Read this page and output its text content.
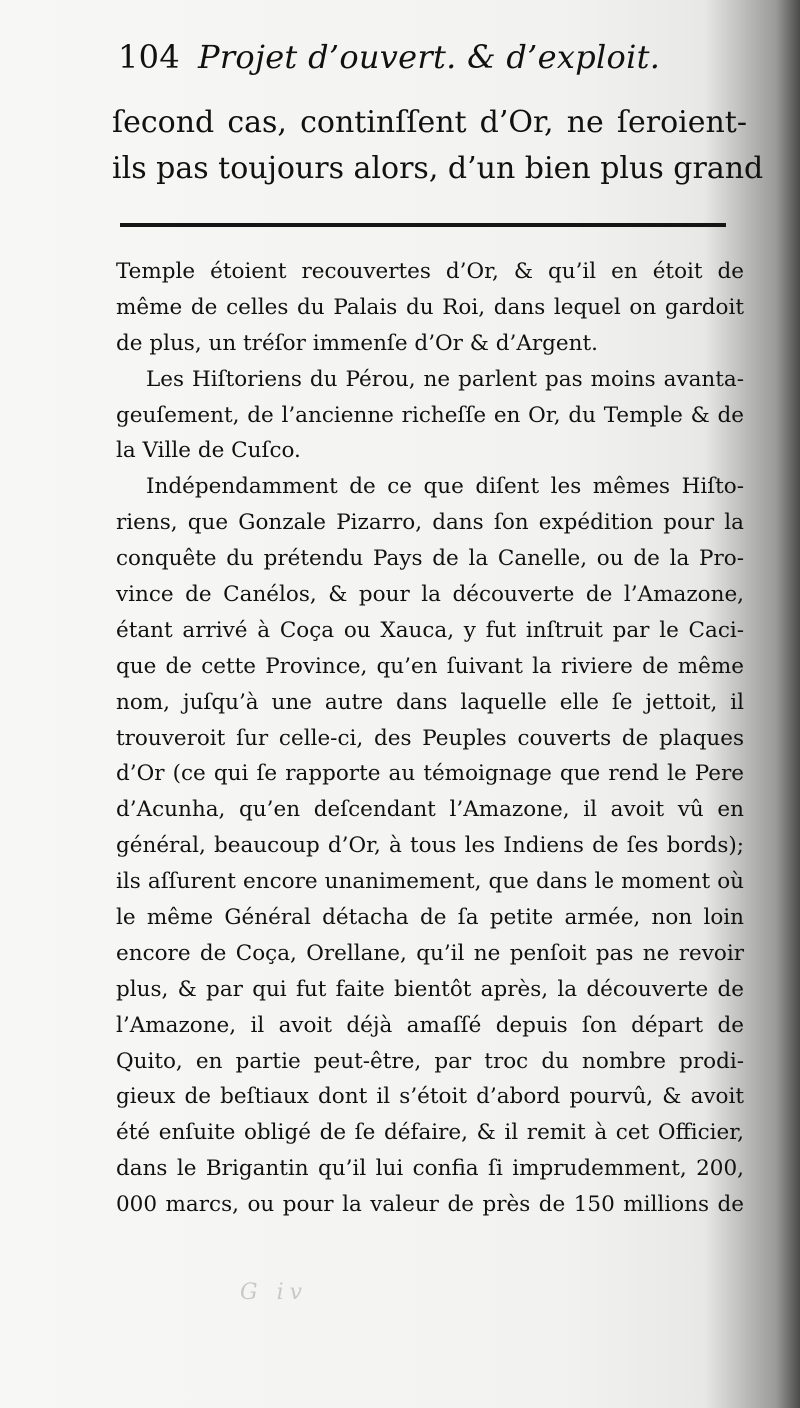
104 Projet d’ouvert. & d’exploit.
ſecond cas, continſſent d’Or, ne ſeroient-
ils pas toujours alors, d’un bien plus grand
Temple étoient recouvertes d’Or, & qu’il en étoit de
même de celles du Palais du Roi, dans lequel on gardoit
de plus, un tréſor immenſe d’Or & d’Argent.
Les Hiſtoriens du Pérou, ne parlent pas moins avanta-
geuſement, de l’ancienne richeſſe en Or, du Temple & de
la Ville de Cuſco.
Indépendamment de ce que diſent les mêmes Hiſto-
riens, que Gonzale Pizarro, dans ſon expédition pour la
conquête du prétendu Pays de la Canelle, ou de la Pro-
vince de Canélos, & pour la découverte de l’Amazone,
étant arrivé à Coça ou Xauca, y fut inſtruit par le Caci-
que de cette Province, qu’en ſuivant la riviere de même
nom, juſqu’à une autre dans laquelle elle ſe jettoit, il
trouveroit ſur celle-ci, des Peuples couverts de plaques
d’Or (ce qui ſe rapporte au témoignage que rend le Pere
d’Acunha, qu’en deſcendant l’Amazone, il avoit vû en
général, beaucoup d’Or, à tous les Indiens de ſes bords);
ils aſſurent encore unanimement, que dans le moment où
le même Général détacha de ſa petite armée, non loin
encore de Coça, Orellane, qu’il ne penſoit pas ne revoir
plus, & par qui fut faite bientôt après, la découverte de
l’Amazone, il avoit déjà amaſſé depuis ſon départ de
Quito, en partie peut-être, par troc du nombre prodi-
gieux de beſtiaux dont il s’étoit d’abord pourvû, & avoit
été enſuite obligé de ſe défaire, & il remit à cet Officier,
dans le Brigantin qu’il lui confia ſi imprudemment, 200,
000 marcs, ou pour la valeur de près de 150 millions de
G iv
